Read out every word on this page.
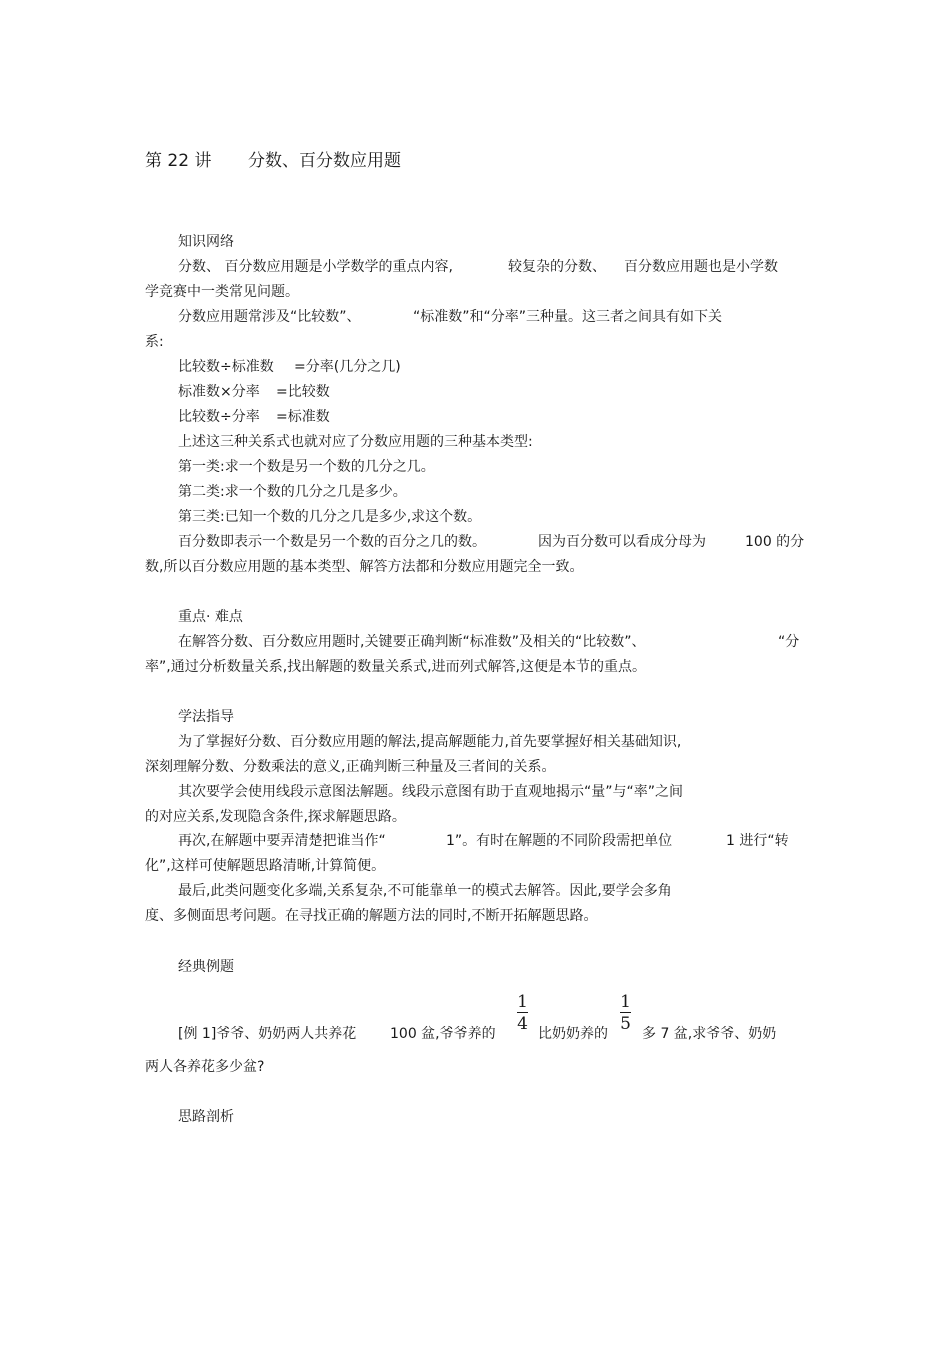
第 22 讲 分数、百分数应用题
知识网络
分数、 百分数应用题是小学数学的重点内容,	较复杂的分数、 百分数应用题也是小学数
学竞赛中一类常见问题。
分数应用题常涉及“比较数”、	“标准数”和“分率”三种量。这三者之间具有如下关
系:
比较数÷标准数 =分率(几分之几)
标准数×分率 =比较数
比较数÷分率 =标准数
上述这三种关系式也就对应了分数应用题的三种基本类型:
第一类:求一个数是另一个数的几分之几。
第二类:求一个数的几分之几是多少。
第三类:已知一个数的几分之几是多少,求这个数。
百分数即表示一个数是另一个数的百分之几的数。	因为百分数可以看成分母为	100 的分
数,所以百分数应用题的基本类型、解答方法都和分数应用题完全一致。
重点· 难点
在解答分数、百分数应用题时,关键要正确判断“标准数”及相关的“比较数”、	“分
率”,通过分析数量关系,找出解题的数量关系式,进而列式解答,这便是本节的重点。
学法指导
为了掌握好分数、百分数应用题的解法,提高解题能力,首先要掌握好相关基础知识,
深刻理解分数、分数乘法的意义,正确判断三种量及三者间的关系。
其次要学会使用线段示意图法解题。线段示意图有助于直观地揭示“量”与“率”之间
的对应关系,发现隐含条件,探求解题思路。
再次,在解题中要弄清楚把谁当作“	1”。有时在解题的不同阶段需把单位	1 进行“转
化”,这样可使解题思路清晰,计算简便。
最后,此类问题变化多端,关系复杂,不可能靠单一的模式去解答。因此,要学会多角
度、多侧面思考问题。在寻找正确的解题方法的同时,不断开拓解题思路。
经典例题
[例 1]爷爷、奶奶两人共养花 100 盆,爷爷养的
1
4 比奶奶养的
1
5 多 7 盆,求爷爷、奶奶
两人各养花多少盆?
思路剖析
